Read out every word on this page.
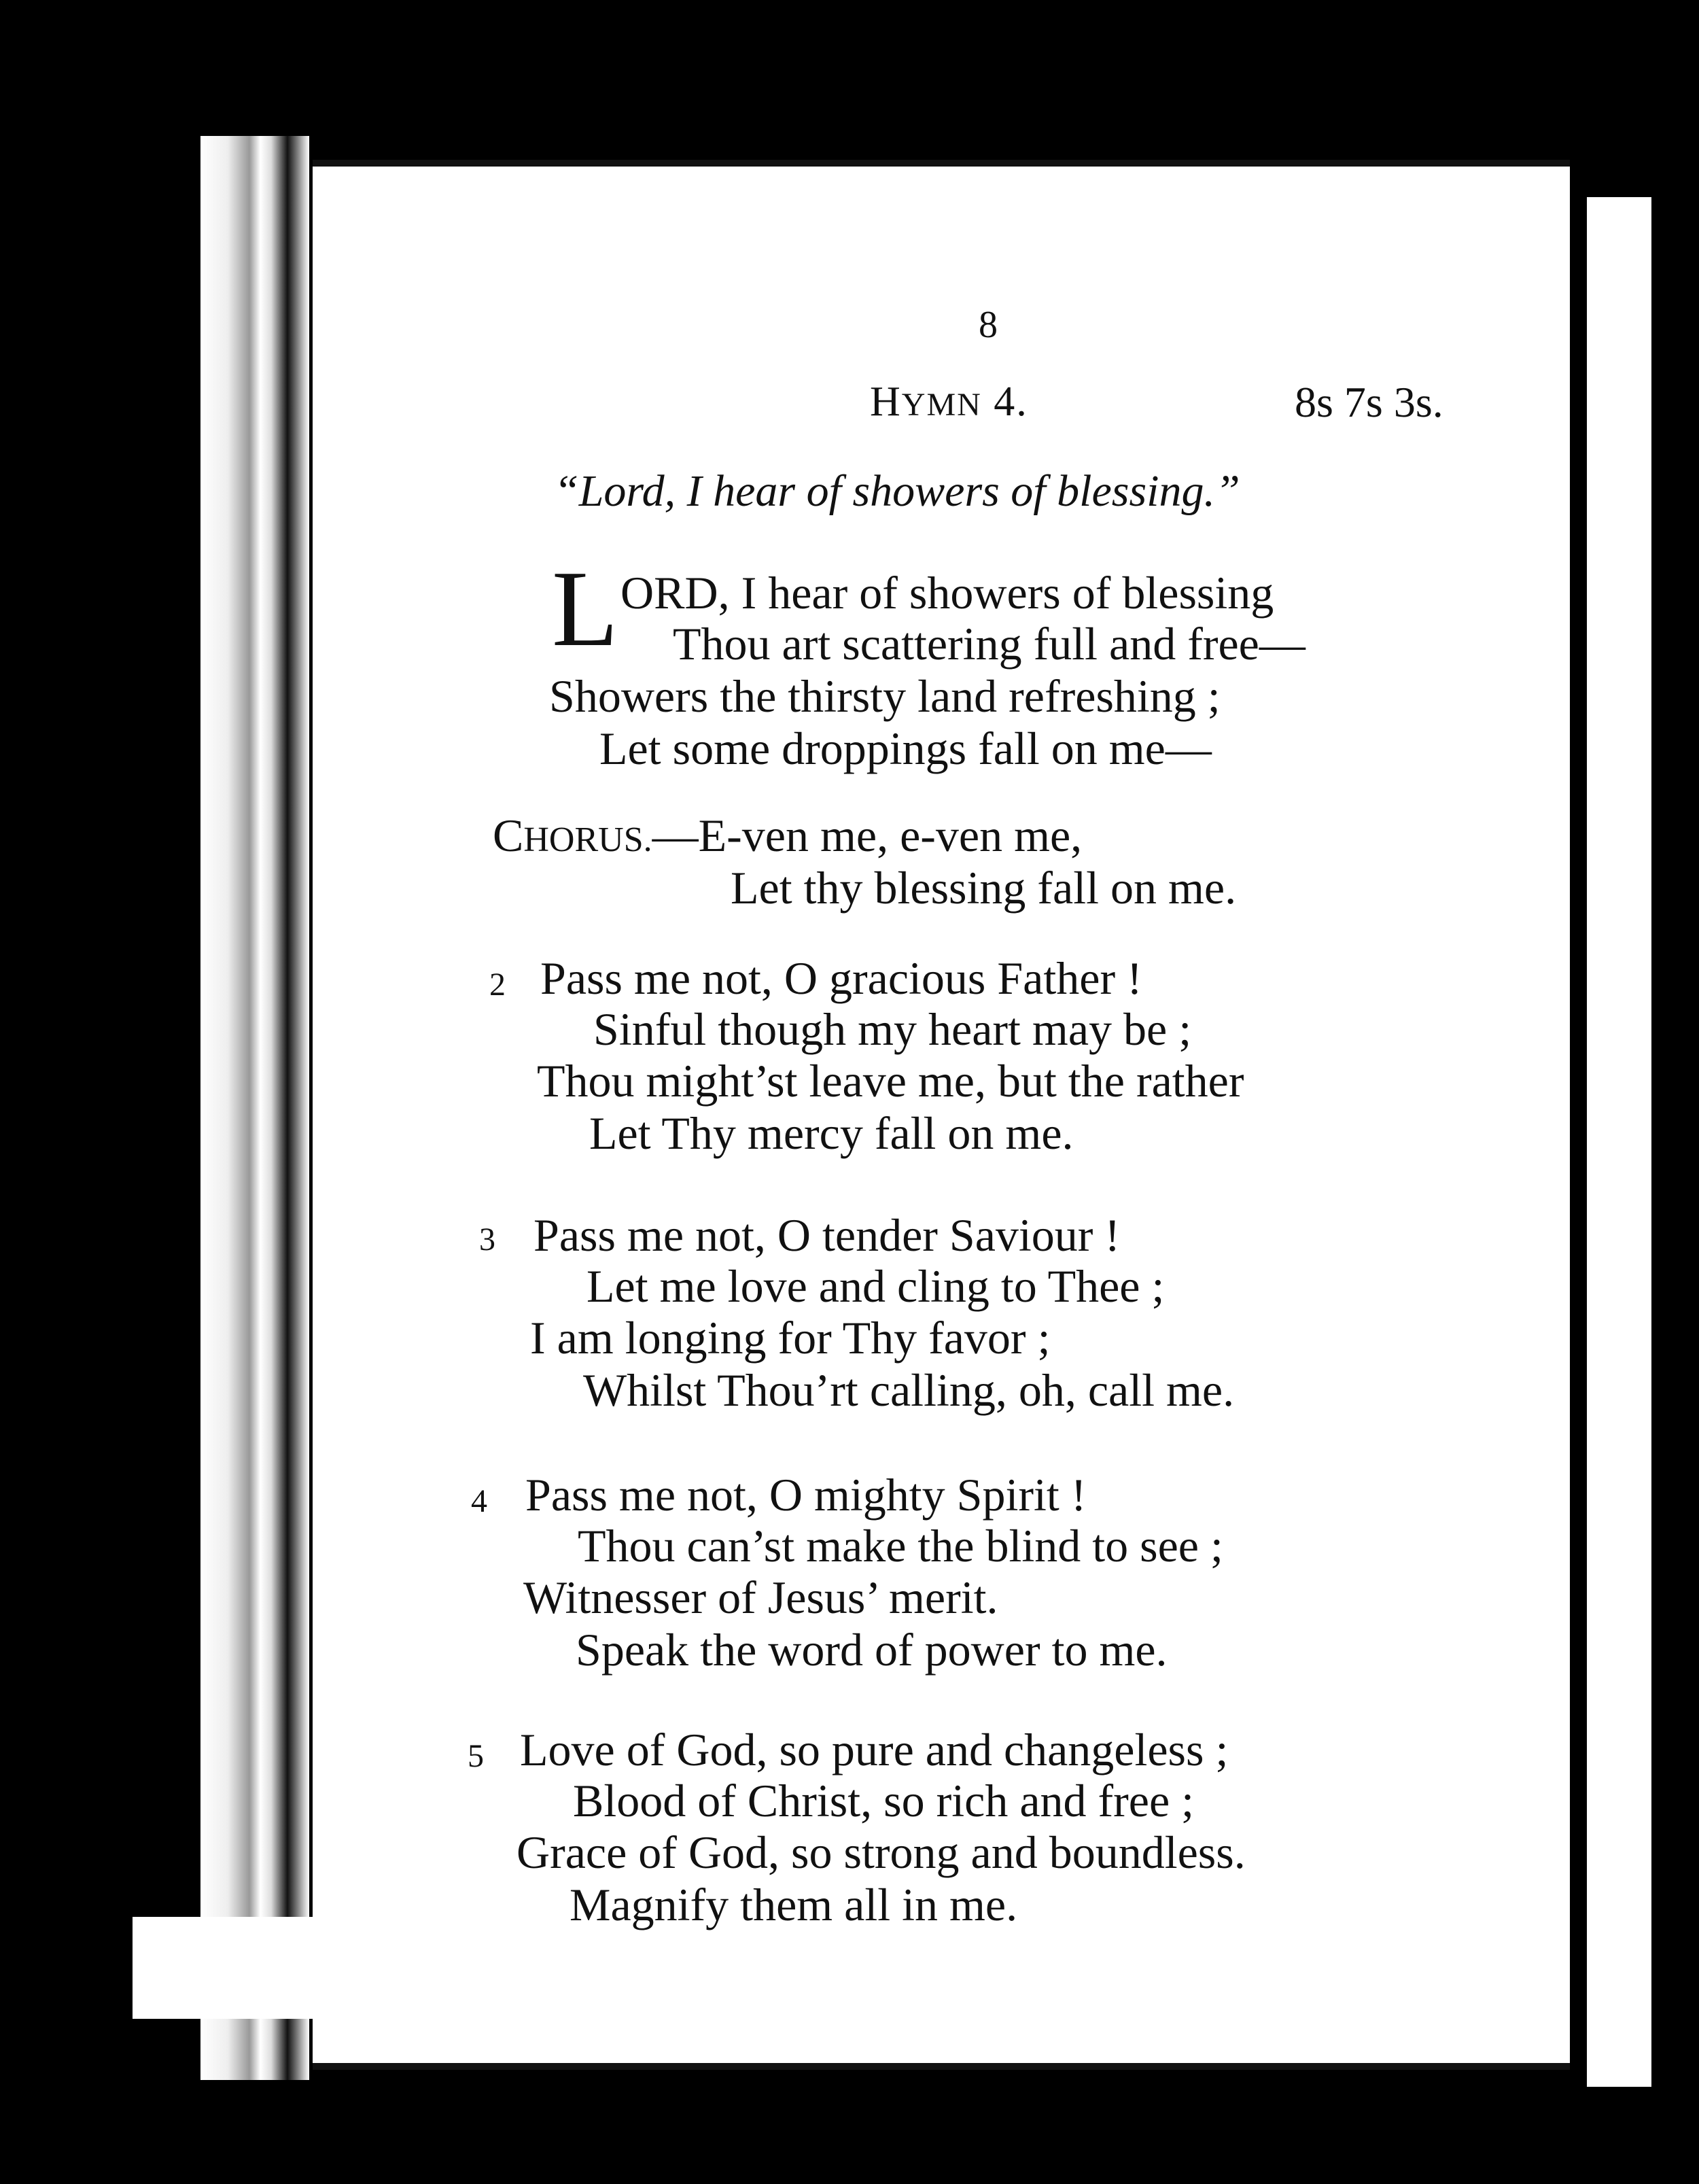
8
HYMN 4.	8s 7s 3s.
“Lord, I hear of showers of blessing.”
L ORD, I hear of showers of blessing
Thou art scattering full and free—
Showers the thirsty land refreshing ;
Let some droppings fall on me—
CHORUS.—E-ven me, e-ven me,
Let thy blessing fall on me.
2 Pass me not, O gracious Father !
Sinful though my heart may be ;
Thou might’st leave me, but the rather
Let Thy mercy fall on me.
3 Pass me not, O tender Saviour !
Let me love and cling to Thee ;
I am longing for Thy favor ;
Whilst Thou’rt calling, oh, call me.
4 Pass me not, O mighty Spirit !
Thou can’st make the blind to see ;
Witnesser of Jesus’ merit.
Speak the word of power to me.
5 Love of God, so pure and changeless ;
Blood of Christ, so rich and free ;
Grace of God, so strong and boundless.
Magnify them all in me.
